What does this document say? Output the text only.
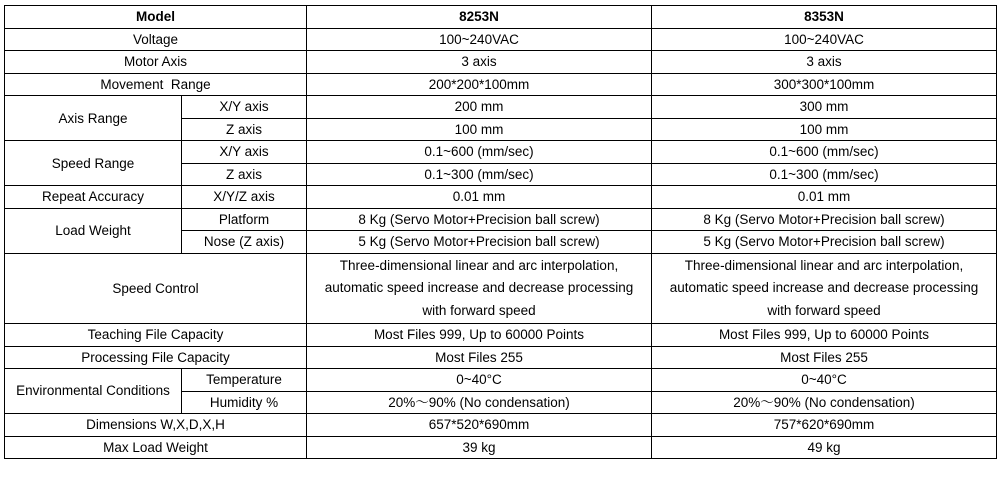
Model		8253N	8353N
Voltage		100~240VAC	100~240VAC
Motor Axis		3 axis	3 axis
Movement  Range		200*200*100mm	300*300*100mm
Axis Range	X/Y axis	200 mm	300 mm
	Z axis	100 mm	100 mm
Speed Range	X/Y axis	0.1~600 (mm/sec)	0.1~600 (mm/sec)
	Z axis	0.1~300 (mm/sec)	0.1~300 (mm/sec)
Repeat Accuracy	X/Y/Z axis	0.01 mm	0.01 mm
Load Weight	Platform	8 Kg (Servo Motor+Precision ball screw)	8 Kg (Servo Motor+Precision ball screw)
	Nose (Z axis)	5 Kg (Servo Motor+Precision ball screw)	5 Kg (Servo Motor+Precision ball screw)
Speed Control		Three-dimensional linear and arc interpolation, automatic speed increase and decrease processing with forward speed	Three-dimensional linear and arc interpolation, automatic speed increase and decrease processing with forward speed
Teaching File Capacity		Most Files 999, Up to 60000 Points	Most Files 999, Up to 60000 Points
Processing File Capacity		Most Files 255	Most Files 255
Environmental Conditions	Temperature	0~40°C	0~40°C
	Humidity %	20%～90% (No condensation)	20%～90% (No condensation)
Dimensions W,X,D,X,H		657*520*690mm	757*620*690mm
Max Load Weight		39 kg	49 kg
